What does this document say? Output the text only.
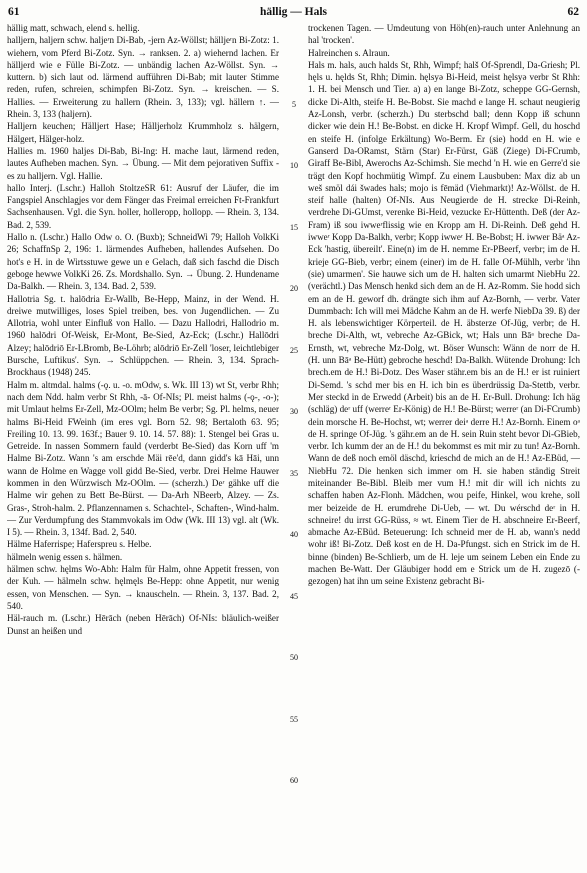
61	hällig — Hals	62

hällig matt, schwach, elend s. hellig.

halljern, haljern schw. haljeʳn Di-Bab, -jern Az-Wöllst; hälljeʳn Bi-Zotz: 1. wiehern, vom Pferd Bi-Zotz. Syn. → ranksen. 2. a) wiehernd lachen. Er hälljerd wie e Fülle Bi-Zotz. — unbändig lachen Az-Wöllst. Syn. → kuttern. b) sich laut od. lärmend aufführen Di-Bab; mit lauter Stimme reden, rufen, schreien, schimpfen Bi-Zotz. Syn. → kreischen. — S. Hallies. — Erweiterung zu hallern (Rhein. 3, 133); vgl. hällern ↑. — Rhein. 3, 133 (haljern).

Halljern keuchen; Hälljert Hase; Hälljerholz Krummholz s. hälgern, Hälgert, Hälger-holz.

Hallies m. 1960 haljes Di-Bab, Bi-Ing: H. mache laut, lärmend reden, lautes Aufheben machen. Syn. → Übung. — Mit dem pejorativen Suffix -es zu halljern. Vgl. Hallie.

hallo Interj. (Lschr.) Halloh StoltzeSR 61: Ausruf der Läufer, die im Fangspiel Anschlagjes vor dem Fänger das Freimal erreichen Ft-Frankfurt Sachsenhausen. Vgl. die Syn. holler, holleropp, hollopp. — Rhein. 3, 134. Bad. 2, 539.

Hallo n. (Lschr.) Hallo Odw o. O. (Buxb); SchneidWi 79; Halloh VolkKi 26; SchaffnSp 2, 196: 1. lärmendes Aufheben, hallendes Aufsehen. Do hot's e H. in de Wirtsstuwe gewe un e Gelach, daß sich faschd die Disch geboge hewwe VolkKi 26. Zs. Mordshallo. Syn. → Übung. 2. Hundename Da-Balkh. — Rhein. 3, 134. Bad. 2, 539.

Hallotria Sg. t. halōdria Er-Wallb, Be-Hepp, Mainz, in der Wend. H. dreiwe mutwilliges, loses Spiel treiben, bes. von Jugendlichen. — Zu Allotria, wohl unter Einfluß von Hallo. — Dazu Hallodri, Hallodrio m. 1960 halōdri Of-Weisk, Er-Mont, Be-Sied, Az-Eck; (Lschr.) Hallōdri Alzey; halōdriō Er-LBromb, Be-Löhrb; alōdriō Er-Zell 'loser, leichtlebiger Bursche, Luftikus'. Syn. → Schlüppchen. — Rhein. 3, 134. Sprach-Brockhaus (1948) 245.

Halm m. altmdal. halms (-ǫ. u. -o. mOdw, s. Wk. III 13) wt St, verbr Rhh; nach dem Ndd. halm verbr St Rhh, -ā- Of-NIs; Pl. meist halms (-ǫ-, -o-); mit Umlaut helms Er-Zell, Mz-OOlm; helm Be verbr; Sg. Pl. helms, neuer halms Bi-Heid FWeinh (im eres vgl. Born 52. 98; Bertaloth 63. 95; Freiling 10. 13. 99. 163f.; Bauer 9. 10. 14. 57. 88): 1. Stengel bei Gras u. Getreide. In nassen Sommern fauld (verderbt Be-Sied) das Korn uff 'm Halme Bi-Zotz. Wann 's am erschde Mäi rēe'd, dann gidd's kā Hāi, unn wann de Holme en Wagge voll gidd Be-Sied, verbr. Drei Helme Hauwer kommen in den Würzwisch Mz-OOlm. — (scherzh.) Deʳ gähke uff die Halme wir gehen zu Bett Be-Bürst. — Da-Arh NBeerb, Alzey. — Zs. Gras-, Stroh-halm. 2. Pflanzennamen s. Schachtel-, Schaften-, Wind-halm. — Zur Verdumpfung des Stammvokals im Odw (Wk. III 13) vgl. alt (Wk. I 5). — Rhein. 3, 134f. Bad. 2, 540.

Hälme Haferrispe; Haferspreu s. Helbe.

hälmeln wenig essen s. hälmen.

hälmen schw. hęlms Wo-Abh: Halm für Halm, ohne Appetit fressen, von der Kuh. — hälmeln schw. hęlmęls Be-Hepp: ohne Appetit, nur wenig essen, von Menschen. — Syn. → knauscheln. — Rhein. 3, 137. Bad. 2, 540.

Häl-rauch m. (Lschr.) Hērāch (neben Hērāch) Of-NIs: bläulich-weißer Dunst an heißen und

5
10
15
20
25
30
35
40
45
50
55
60

trockenen Tagen. — Umdeutung von Höh(en)-rauch unter Anlehnung an hal 'trocken'.

Halreinchen s. Alraun.

Hals m. hals, auch halds St, Rhh, Wimpf; halš Of-Sprendl, Da-Griesh; Pl. hęls u. hęlds St, Rhh; Dimin. hęlsyə Bi-Heid, meist hęlsyə verbr St Rhh: 1. H. bei Mensch und Tier. a) a) en lange Bi-Zotz, scheppe GG-Gernsh, dicke Di-Alth, steife H. Be-Bobst. Sie machd e lange H. schaut neugierig Az-Lonsh, verbr. (scherzh.) Du sterbschd ball; denn Kopp iß schunn dicker wie dein H.! Be-Bobst. en dicke H. Kropf Wimpf. Gell, du hoschd en steife H. (infolge Erkältung) Wo-Berm. Er (sie) hodd en H. wie e Ganserd Da-ORamst, Stärn (Star) Er-Fürst, Gäß (Ziege) Di-FCrumb, Giraff Be-Bibl, Awerochs Az-Schimsh. Sie mechd 'n H. wie en Gerre'd sie trägt den Kopf hochmütig Wimpf. Zu einem Lausbuben: Max diz ab un weš smöl dái šwades hals; mojo is fēmäd (Viehmarkt)! Az-Wöllst. de H. steif halle (halten) Of-NIs. Aus Neugierde de H. strecke Di-Reinh, verdrehe Di-GUmst, verenke Bi-Heid, vezucke Er-Hüttenth. Deß (der Az-Fram) iß sou iwweʳflissig wie en Kropp am H. Di-Reinh. Deß gehd H. iwweʳ Kopp Da-Balkh, verbr; Kopp iwweʳ H. Be-Bobst; H. iwwer Bäᵃ Az-Eck 'hastig, übereilt'. Eine(n) im de H. nemme Er-PBeerf, verbr; im de H. krieje GG-Bieb, verbr; einem (einer) im de H. falle Of-Mühlh, verbr 'ihn (sie) umarmen'. Sie hauwe sich um de H. halten sich umarmt NiebHu 22. (verächtl.) Das Mensch henkd sich dem an de H. Az-Romm. Sie hodd sich em an de H. geworf dh. drängte sich ihm auf Az-Bornh, — verbr. Vater Dummbach: Ich will mei Mädche Kahm an de H. werfe NiebDa 39. ß) der H. als lebenswichtiger Körperteil. de H. äbsterze Of-Jüg, verbr; de H. breche Di-Alth, wt, vebreche Az-GBick, wt; Hals unn Bāᵃ breche Da-Ernsth, wt, vebreche Mz-Dolg, wt. Böser Wunsch: Wänn de norr de H. (H. unn Bāᵃ Be-Hütt) gebroche heschd! Da-Balkh. Wütende Drohung: Ich brech.em de H.! Bi-Dotz. Des Waser stähr.em bis an de H.! er ist ruiniert Di-Semd. 's schd mer bis en H. ich bin es überdrüssig Da-Stettb, verbr. Mer steckd in de Erwedd (Arbeit) bis an de H. Er-Bull. Drohung: Ich häg (schläg) deʳ uff (werreʳ Er-König) de H.! Be-Bürst; werreʳ (an Di-FCrumb) dein morsche H. Be-Hochst, wt; werrer deiᵃ derre H.! Az-Bornh. Einem oᵃ de H. springe Of-Jüg. 's gähr.em an de H. sein Ruin steht bevor Di-GBieb, verbr. Ich kumm der an de H.! du bekommst es mit mir zu tun! Az-Bornh. Wann de deß noch emöl däschd, krieschd de mich an de H.! Az-EBüd, — NiebHu 72. Die henken sich immer om H. sie haben ständig Streit miteinander Be-Bibl. Bleib mer vum H.! mit dir will ich nichts zu schaffen haben Az-Flonh. Mädchen, wou peife, Hinkel, wou krehe, soll mer beizeide de H. erumdrehe Di-Ueb, — wt. Du wérschd deʳ in H. schneire! du irrst GG-Rüss, ≈ wt. Einem Tier de H. abschneire Er-Beerf, abmache Az-EBüd. Beteuerung: Ich schneid mer de H. ab, wann's nedd wohr iß! Bi-Zotz. Deß kost en de H. Da-Pfungst. sich en Strick im de H. binne (binden) Be-Schlierb, um de H. leje um seinem Leben ein Ende zu machen Be-Watt. Der Gläubiger hodd em e Strick um de H. zugezō (-gezogen) hat ihn um seine Existenz gebracht Bi-
